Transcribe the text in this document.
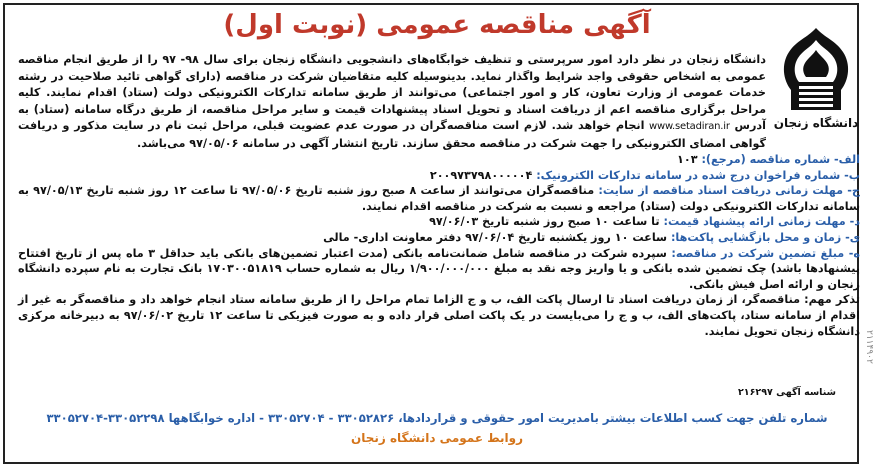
۲۱۱۴۹۰۲
آگهی مناقصه عمومی (نوبت اول)
دانشگاه زنجان
دانشگاه زنجان در نظر دارد امور سرپرستی و تنظیف خوابگاه‌های دانشجویی دانشگاه زنجان برای سال ۹۸- ۹۷ را از طریق انجام مناقصه عمومی به اشخاص حقوقی واجد شرایط واگذار نماید. بدینوسیله کلیه متقاضیان شرکت در مناقصه (دارای گواهی تائید صلاحیت در رشته خدمات عمومی از وزارت تعاون، کار و امور اجتماعی) می‌توانند از طریق سامانه تدارکات الکترونیکی دولت (ستاد) اقدام نمایند. کلیه مراحل برگزاری مناقصه اعم از دریافت اسناد و تحویل اسناد پیشنهادات قیمت و سایر مراحل مناقصه، از طریق درگاه سامانه (ستاد) به آدرس www.setadiran.ir انجام خواهد شد. لازم است مناقصه‌گران در صورت عدم عضویت قبلی، مراحل ثبت نام در سایت مذکور و دریافت گواهی امضای الکترونیکی را جهت شرکت در مناقصه محقق سازند. تاریخ انتشار آگهی در سامانه ۹۷/۰۵/۰۶ می‌باشد.

الف- شماره مناقصه (مرجع): ۱۰۳

ب- شماره فراخوان درج شده در سامانه تدارکات الکترونیک: ۲۰۰۹۷۳۷۹۸۰۰۰۰۰۴

ج- مهلت زمانی دریافت اسناد مناقصه از سایت: مناقصه‌گران می‌توانند از ساعت ۸ صبح روز شنبه تاریخ ۹۷/۰۵/۰۶ تا ساعت ۱۲ روز شنبه تاریخ ۹۷/۰۵/۱۳ به سامانه تدارکات الکترونیکی دولت (ستاد) مراجعه و نسبت به شرکت در مناقصه اقدام نمایند.

د- مهلت زمانی ارائه پیشنهاد قیمت: تا ساعت ۱۰ صبح روز شنبه تاریخ ۹۷/۰۶/۰۳

ی- زمان و محل بازگشایی پاکت‌ها: ساعت ۱۰ روز یکشنبه تاریخ ۹۷/۰۶/۰۴ دفتر معاونت اداری- مالی

ه- مبلغ تضمین شرکت در مناقصه: سپرده شرکت در مناقصه شامل ضمانت‌نامه بانکی (مدت اعتبار تضمین‌های بانکی باید حداقل ۳ ماه پس از تاریخ افتتاح پیشنهادها باشد) چک تضمین شده بانکی و یا واریز وجه نقد به مبلغ ۱/۹۰۰/۰۰۰/۰۰۰ ریال به شماره حساب ۱۷۰۳۰۰۵۱۸۱۹ بانک تجارت به نام سپرده دانشگاه زنجان و ارائه اصل فیش بانکی.

تذکر مهم: مناقصه‌گر، از زمان دریافت اسناد تا ارسال پاکت الف، ب و ج الزاما تمام مراحل را از طریق سامانه ستاد انجام خواهد داد و مناقصه‌گر به غیر از اقدام از سامانه ستاد، پاکت‌های الف، ب و ج را می‌بایست در یک پاکت اصلی قرار داده و به صورت فیزیکی تا ساعت ۱۲ تاریخ ۹۷/۰۶/۰۲ به دبیرخانه مرکزی دانشگاه زنجان تحویل نمایند.

شناسه آگهی ۲۱۶۲۹۷
شماره تلفن جهت کسب اطلاعات بیشتر بامدیریت امور حقوقی و قراردادها، ۳۳۰۵۲۸۲۶ - ۳۳۰۵۲۷۰۴ - اداره خوابگاهها ۳۳۰۵۲۲۹۸-۳۳۰۵۲۷۰۴
روابط عمومی دانشگاه زنجان
